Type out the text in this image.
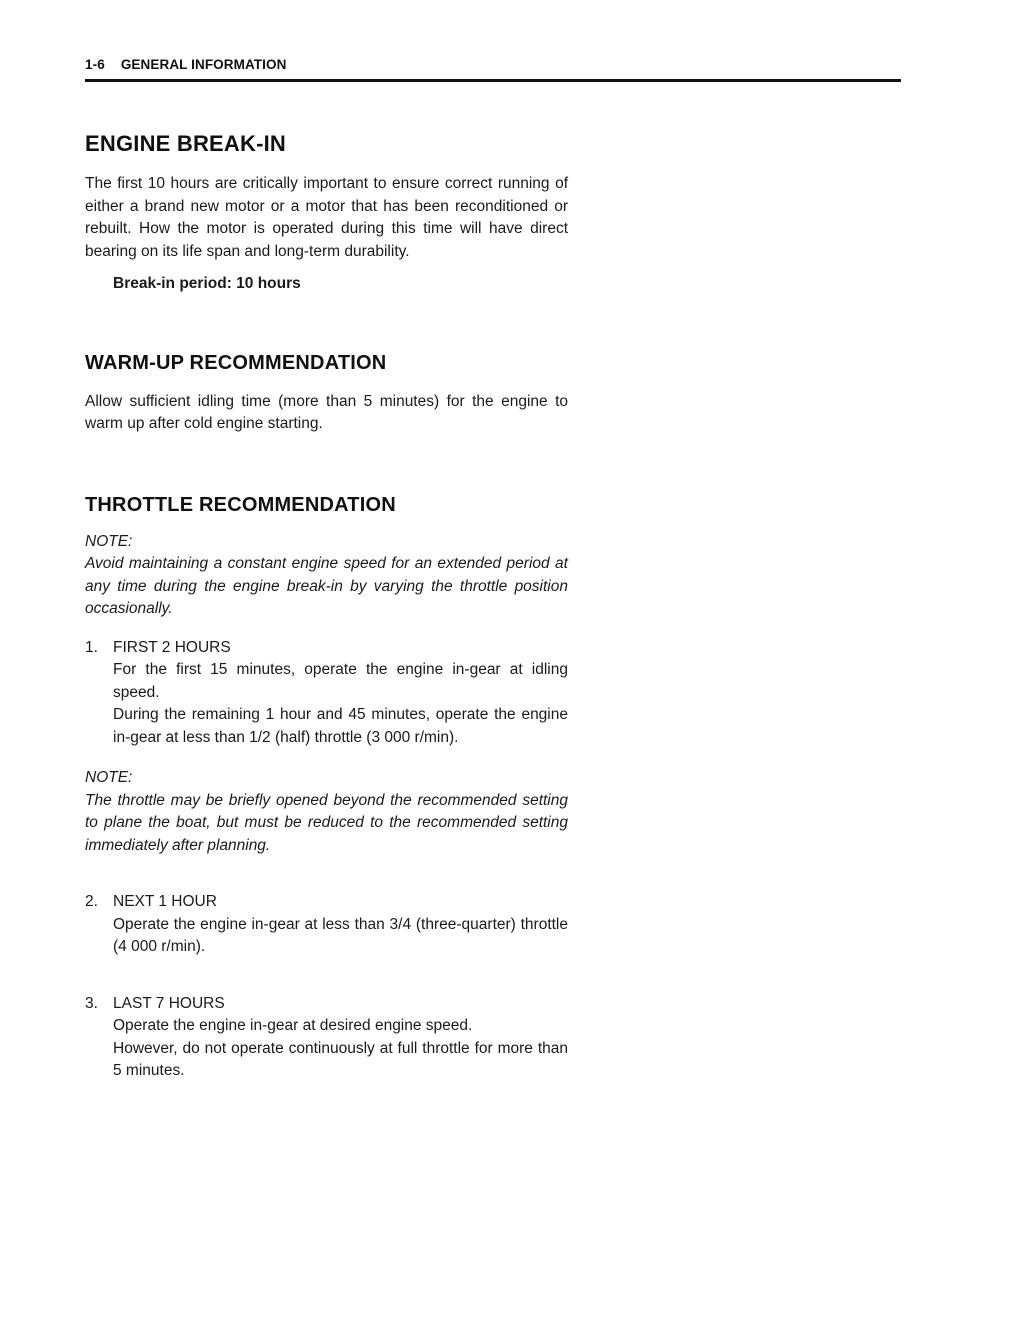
1-6 GENERAL INFORMATION
ENGINE BREAK-IN

The first 10 hours are critically important to ensure correct running of either a brand new motor or a motor that has been reconditioned or rebuilt. How the motor is operated during this time will have direct bearing on its life span and long-term durability.

Break-in period: 10 hours

WARM-UP RECOMMENDATION

Allow sufficient idling time (more than 5 minutes) for the engine to warm up after cold engine starting.

THROTTLE RECOMMENDATION

NOTE:

Avoid maintaining a constant engine speed for an extended period at any time during the engine break-in by varying the throttle position occasionally.

1. FIRST 2 HOURS

For the first 15 minutes, operate the engine in-gear at idling speed.

During the remaining 1 hour and 45 minutes, operate the engine in-gear at less than 1/2 (half) throttle (3 000 r/min).

NOTE:

The throttle may be briefly opened beyond the recommended setting to plane the boat, but must be reduced to the recommended setting immediately after planning.

2. NEXT 1 HOUR

Operate the engine in-gear at less than 3/4 (three-quarter) throttle (4 000 r/min).

3. LAST 7 HOURS

Operate the engine in-gear at desired engine speed.

However, do not operate continuously at full throttle for more than 5 minutes.
